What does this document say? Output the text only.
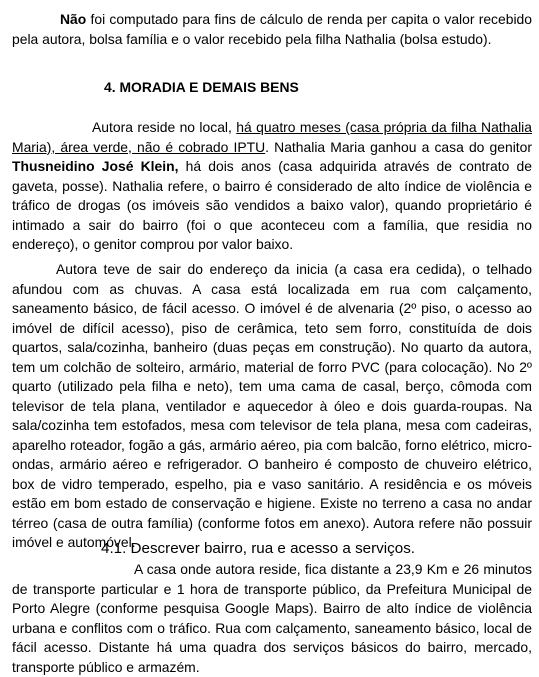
Não foi computado para fins de cálculo de renda per capita o valor recebido pela autora, bolsa família e o valor recebido pela filha Nathalia (bolsa estudo).

4. MORADIA E DEMAIS BENS

Autora reside no local, há quatro meses (casa própria da filha Nathalia Maria), área verde, não é cobrado IPTU. Nathalia Maria ganhou a casa do genitor Thusneidino José Klein, há dois anos (casa adquirida através de contrato de gaveta, posse). Nathalia refere, o bairro é considerado de alto índice de violência e tráfico de drogas (os imóveis são vendidos a baixo valor), quando proprietário é intimado a sair do bairro (foi o que aconteceu com a família, que residia no endereço), o genitor comprou por valor baixo.

Autora teve de sair do endereço da inicia (a casa era cedida), o telhado afundou com as chuvas. A casa está localizada em rua com calçamento, saneamento básico, de fácil acesso. O imóvel é de alvenaria (2º piso, o acesso ao imóvel de difícil acesso), piso de cerâmica, teto sem forro, constituída de dois quartos, sala/cozinha, banheiro (duas peças em construção). No quarto da autora, tem um colchão de solteiro, armário, material de forro PVC (para colocação). No 2º quarto (utilizado pela filha e neto), tem uma cama de casal, berço, cômoda com televisor de tela plana, ventilador e aquecedor à óleo e dois guarda-roupas. Na sala/cozinha tem estofados, mesa com televisor de tela plana, mesa com cadeiras, aparelho roteador, fogão a gás, armário aéreo, pia com balcão, forno elétrico, micro-ondas, armário aéreo e refrigerador. O banheiro é composto de chuveiro elétrico, box de vidro temperado, espelho, pia e vaso sanitário. A residência e os móveis estão em bom estado de conservação e higiene. Existe no terreno a casa no andar térreo (casa de outra família) (conforme fotos em anexo). Autora refere não possuir imóvel e automóvel.

4.1. Descrever bairro, rua e acesso a serviços.

A casa onde autora reside, fica distante a 23,9 Km e 26 minutos de transporte particular e 1 hora de transporte público, da Prefeitura Municipal de Porto Alegre (conforme pesquisa Google Maps). Bairro de alto índice de violência urbana e conflitos com o tráfico. Rua com calçamento, saneamento básico, local de fácil acesso. Distante há uma quadra dos serviços básicos do bairro, mercado, transporte público e armazém.
